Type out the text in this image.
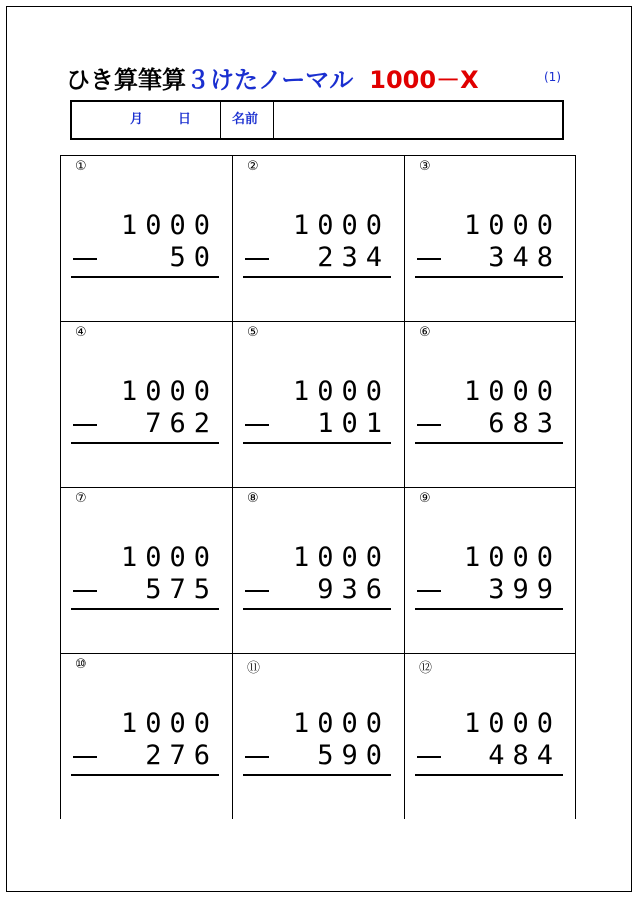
ひき算筆算３けたノーマル 1000－X	(1)
月	日	名前
①
1000
50
②
1000
234
③
1000
348
④
1000
762
⑤
1000
101
⑥
1000
683
⑦
1000
575
⑧
1000
936
⑨
1000
399
⑩
1000
276
⑪
1000
590
⑫
1000
484
